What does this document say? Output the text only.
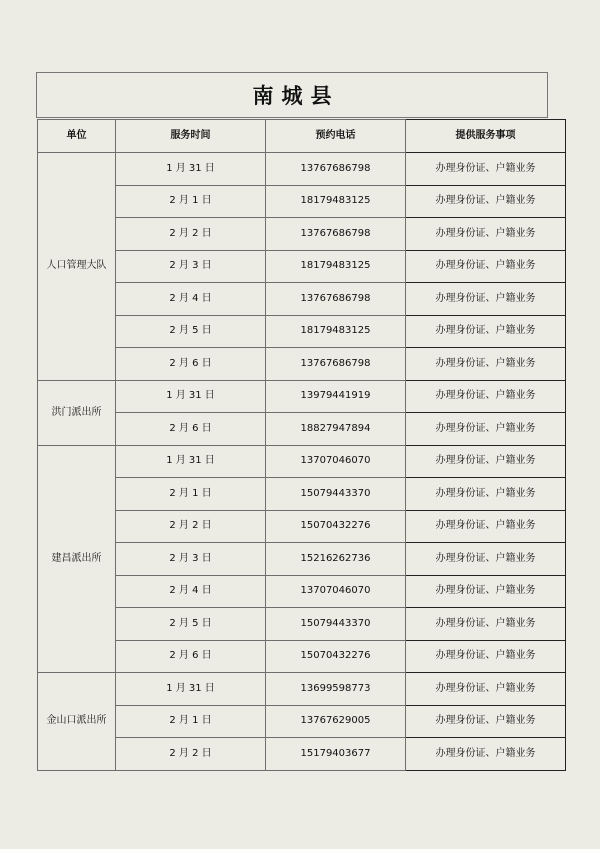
南城县
单位	服务时间	预约电话	提供服务事项
人口管理大队	1 月 31 日	13767686798	办理身份证、户籍业务
	2 月 1 日	18179483125	办理身份证、户籍业务
	2 月 2 日	13767686798	办理身份证、户籍业务
	2 月 3 日	18179483125	办理身份证、户籍业务
	2 月 4 日	13767686798	办理身份证、户籍业务
	2 月 5 日	18179483125	办理身份证、户籍业务
	2 月 6 日	13767686798	办理身份证、户籍业务
洪门派出所	1 月 31 日	13979441919	办理身份证、户籍业务
	2 月 6 日	18827947894	办理身份证、户籍业务
建昌派出所	1 月 31 日	13707046070	办理身份证、户籍业务
	2 月 1 日	15079443370	办理身份证、户籍业务
	2 月 2 日	15070432276	办理身份证、户籍业务
	2 月 3 日	15216262736	办理身份证、户籍业务
	2 月 4 日	13707046070	办理身份证、户籍业务
	2 月 5 日	15079443370	办理身份证、户籍业务
	2 月 6 日	15070432276	办理身份证、户籍业务
金山口派出所	1 月 31 日	13699598773	办理身份证、户籍业务
	2 月 1 日	13767629005	办理身份证、户籍业务
	2 月 2 日	15179403677	办理身份证、户籍业务
